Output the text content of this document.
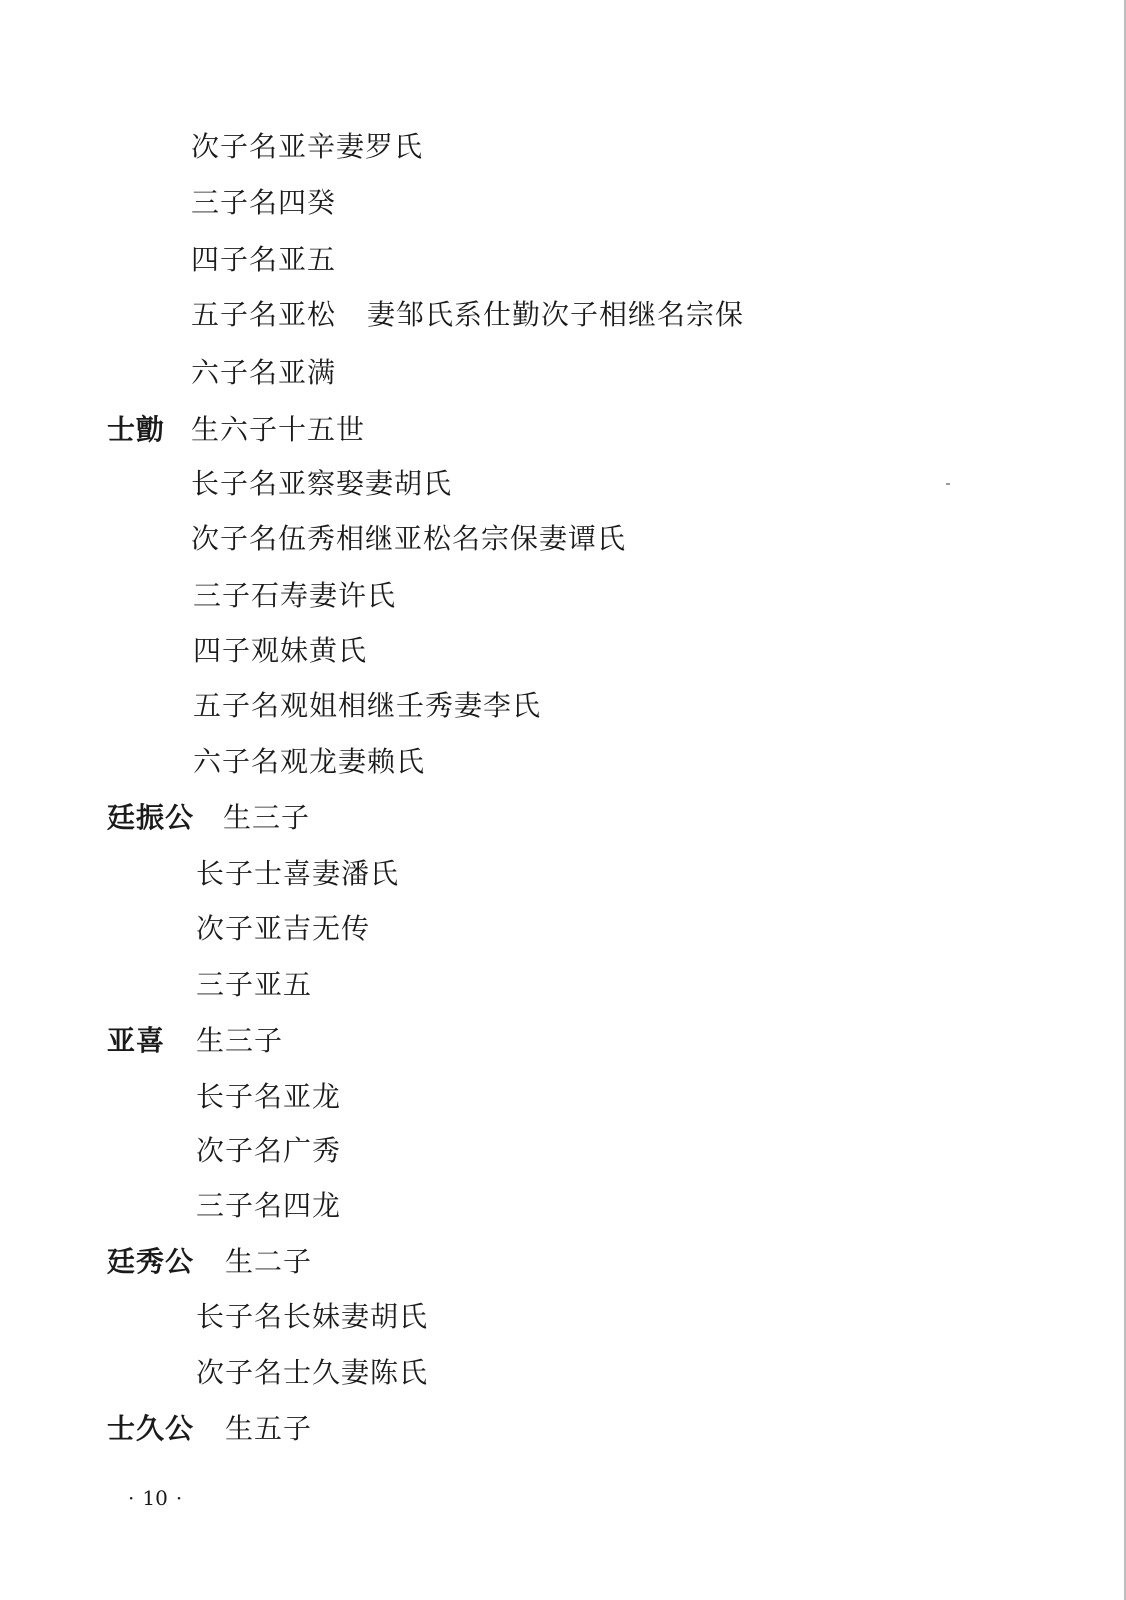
次子名亚辛妻罗氏
三子名四癸
四子名亚五
五子名亚松 妻邹氏系仕勤次子相继名宗保
六子名亚满
士勯 生六子十五世
长子名亚察娶妻胡氏
次子名伍秀相继亚松名宗保妻谭氏
三子石寿妻许氏
四子观妹黄氏
五子名观姐相继壬秀妻李氏
六子名观龙妻赖氏
廷振公 生三子
长子士喜妻潘氏
次子亚吉无传
三子亚五
亚喜 生三子
长子名亚龙
次子名广秀
三子名四龙
廷秀公 生二子
长子名长妹妻胡氏
次子名士久妻陈氏
士久公 生五子
· 10 ·
